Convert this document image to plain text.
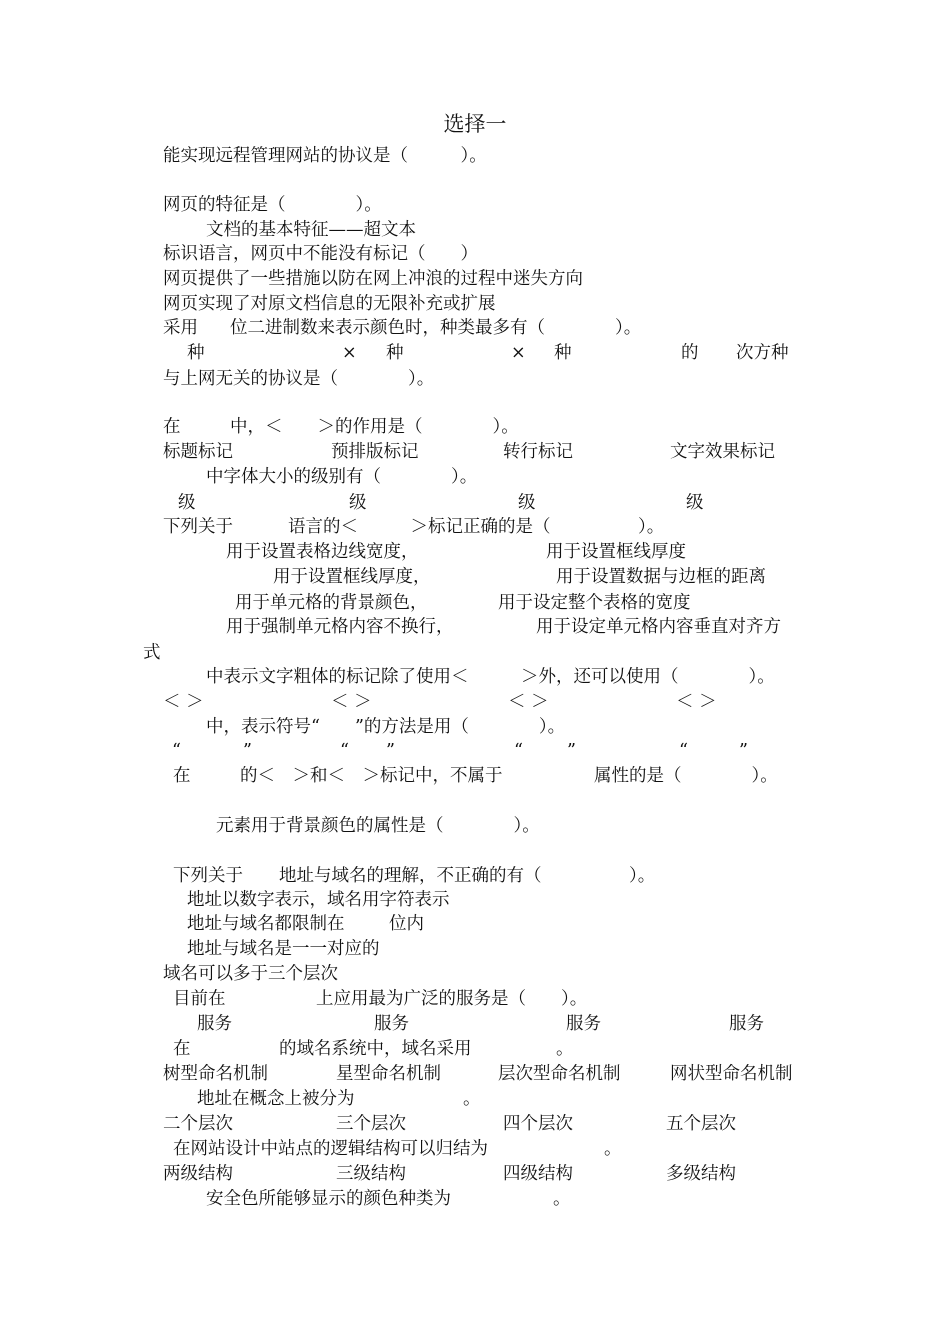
选择一
能实现远程管理网站的协议是（　　　）。
网页的特征是（　　　　）。
文档的基本特征——超文本
标识语言，网页中不能没有标记（　　）
网页提供了一些措施以防在网上冲浪的过程中迷失方向
网页实现了对原文档信息的无限补充或扩展
采用 位二进制数来表示颜色时，种类最多有（　　　　）。
种	× 种	× 种	的 次方种
与上网无关的协议是（　　　　）。
在	中，＜　　＞的作用是（　　　　）。
标题标记	预排版标记	转行标记	文字效果标记
中字体大小的级别有（　　　　）。
级	级	级	级
下列关于	语言的＜　　　＞标记正确的是（　　　　　）。
用于设置表格边线宽度，	用于设置框线厚度
用于设置框线厚度，	用于设置数据与边框的距离
用于单元格的背景颜色，	用于设定整个表格的宽度
用于强制单元格内容不换行，	用于设定单元格内容垂直对齐方
式
中表示文字粗体的标记除了使用＜　　　＞外，还可以使用（　　　　）。
＜ ＞	＜ ＞	＜ ＞	＜ ＞
中，表示符号“　　”的方法是用（　　　　）。
“	”	“ ”	“	”	“	”
在	的＜　＞和＜　＞标记中，不属于	属性的是（　　　　）。
元素用于背景颜色的属性是（　　　　）。
下列关于 地址与域名的理解，不正确的有（　　　　　）。
地址以数字表示，域名用字符表示
地址与域名都限制在	位内
地址与域名是一一对应的
域名可以多于三个层次
目前在	上应用最为广泛的服务是（　　）。
服务	服务	服务	服务
在	的域名系统中，域名采用	。
树型命名机制	星型命名机制	层次型命名机制	网状型命名机制
地址在概念上被分为	。
二个层次	三个层次	四个层次	五个层次
在网站设计中站点的逻辑结构可以归结为	。
两级结构	三级结构	四级结构	多级结构
安全色所能够显示的颜色种类为	。
